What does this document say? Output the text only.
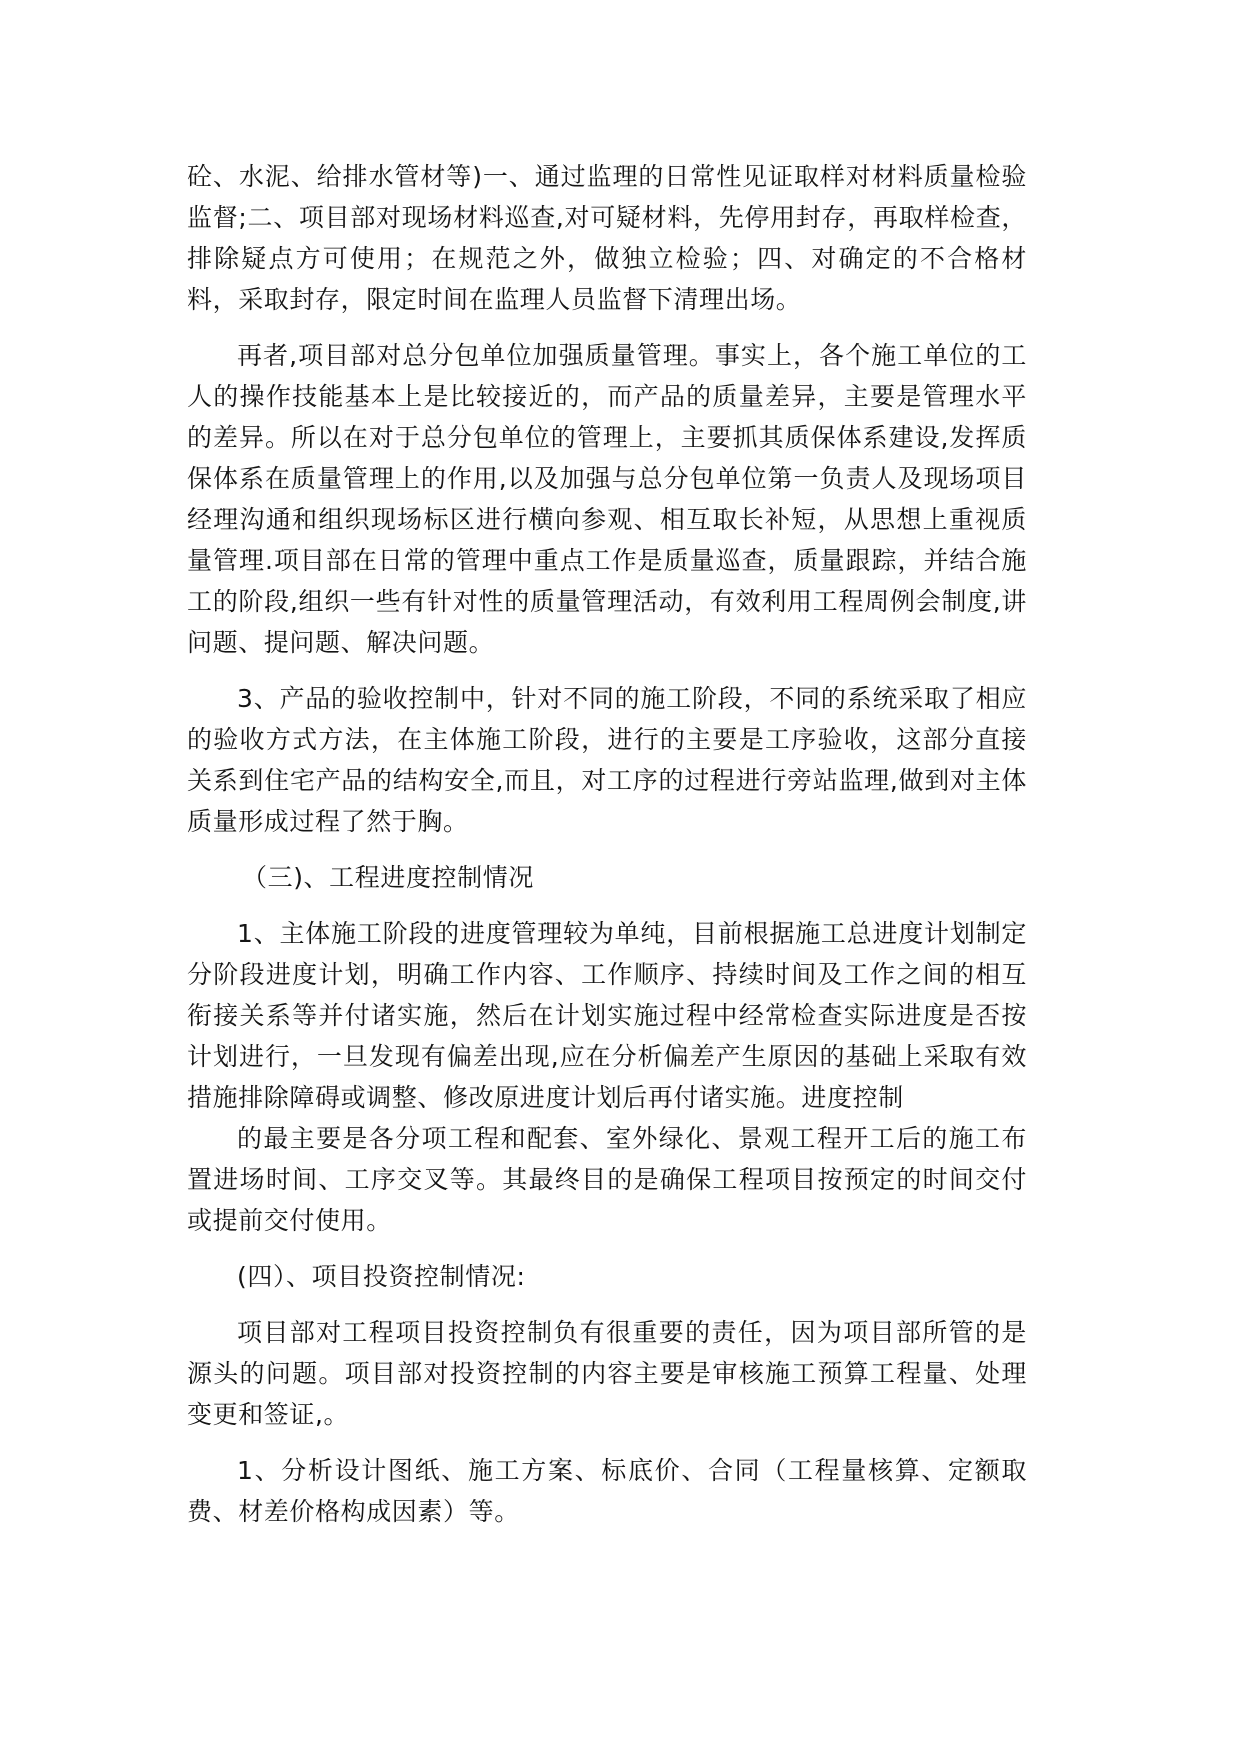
砼、水泥、给排水管材等)一、通过监理的日常性见证取样对材料质量检验监督;二、项目部对现场材料巡查,对可疑材料，先停用封存，再取样检查，排除疑点方可使用；在规范之外，做独立检验；四、对确定的不合格材料，采取封存，限定时间在监理人员监督下清理出场。

再者,项目部对总分包单位加强质量管理。事实上，各个施工单位的工人的操作技能基本上是比较接近的，而产品的质量差异，主要是管理水平的差异。所以在对于总分包单位的管理上，主要抓其质保体系建设,发挥质保体系在质量管理上的作用,以及加强与总分包单位第一负责人及现场项目经理沟通和组织现场标区进行横向参观、相互取长补短，从思想上重视质量管理.项目部在日常的管理中重点工作是质量巡查，质量跟踪，并结合施工的阶段,组织一些有针对性的质量管理活动，有效利用工程周例会制度,讲问题、提问题、解决问题。

3、产品的验收控制中，针对不同的施工阶段，不同的系统采取了相应的验收方式方法，在主体施工阶段，进行的主要是工序验收，这部分直接关系到住宅产品的结构安全,而且，对工序的过程进行旁站监理,做到对主体质量形成过程了然于胸。

（三)、工程进度控制情况

1、主体施工阶段的进度管理较为单纯，目前根据施工总进度计划制定分阶段进度计划，明确工作内容、工作顺序、持续时间及工作之间的相互衔接关系等并付诸实施，然后在计划实施过程中经常检查实际进度是否按计划进行，一旦发现有偏差出现,应在分析偏差产生原因的基础上采取有效措施排除障碍或调整、修改原进度计划后再付诸实施。进度控制

的最主要是各分项工程和配套、室外绿化、景观工程开工后的施工布置进场时间、工序交叉等。其最终目的是确保工程项目按预定的时间交付或提前交付使用。

(四）、项目投资控制情况:

项目部对工程项目投资控制负有很重要的责任，因为项目部所管的是源头的问题。项目部对投资控制的内容主要是审核施工预算工程量、处理变更和签证,。

1、分析设计图纸、施工方案、标底价、合同（工程量核算、定额取费、材差价格构成因素）等。
